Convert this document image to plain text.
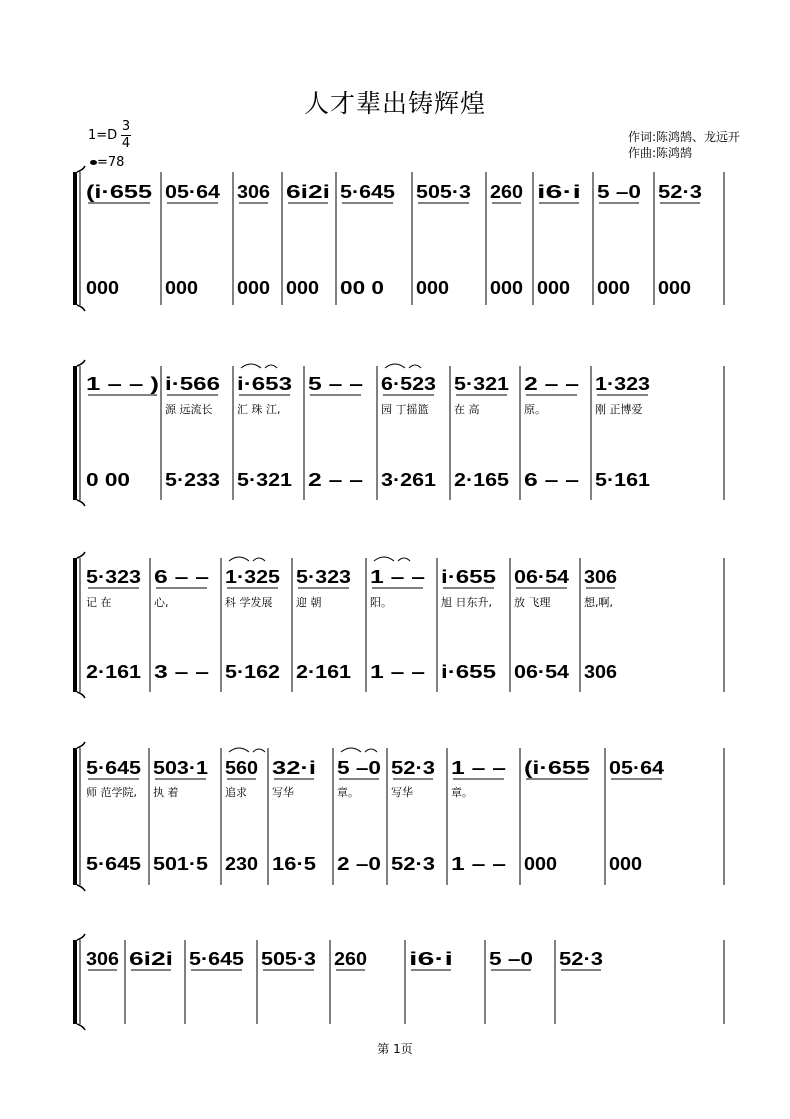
人才辈出铸辉煌
1=D
3
4
=78
作词:陈鸿鹄、龙远开
作曲:陈鸿鹄
(i·655
000
05·64
000
306
000
6i2i
000
5·645
00 0
505·3
000
260
000
i6·i
000
5 –0
000
52·3
000
1 – – )
0 00
i·566
5·233
源 远流长
i·653
5·321
汇 珠 江,
5 – –
2 – –
6·523
3·261
园 丁摇篮
5·321
2·165
在 高
2 – –
6 – –
原。
1·323
5·161
刚 正博爱
5·323
2·161
记 在
6 – –
3 – –
心,
1·325
5·162
科 学发展
5·323
2·161
迎 朝
1 – –
1 – –
阳。
i·655
i·655
旭 日东升,
06·54
06·54
放 飞理
306
306
想,啊,
5·645
5·645
师 范学院,
503·1
501·5
执 着
560
230
追求
32·i
16·5
写华
5 –0
2 –0
章。
52·3
52·3
写华
1 – –
1 – –
章。
(i·655
000
05·64
000
306 6i2i 5·645 505·3 260 i6·i 5 –0 52·3
第 1页
